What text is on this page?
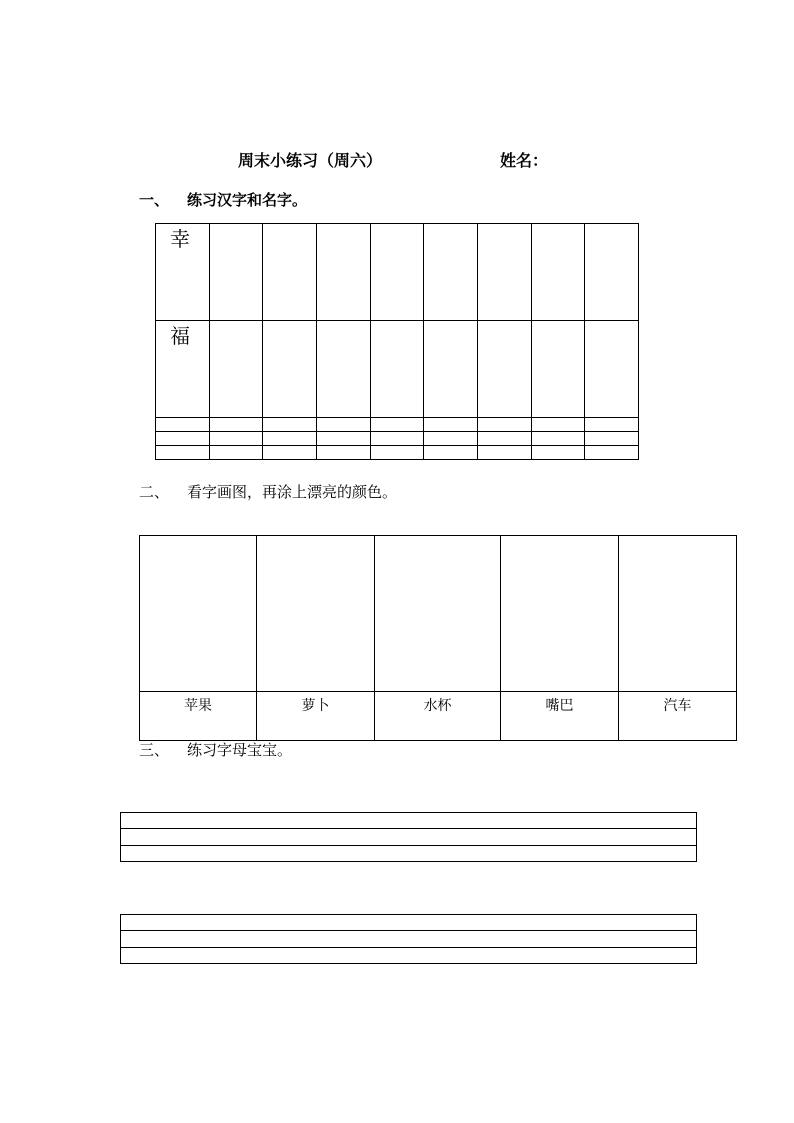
周末小练习（周六）	姓名：
一、 练习汉字和名字。
幸								

福								

二、 看字画图，再涂上漂亮的颜色。

苹果	萝卜	水杯	嘴巴	汽车
三、 练习字母宝宝。
